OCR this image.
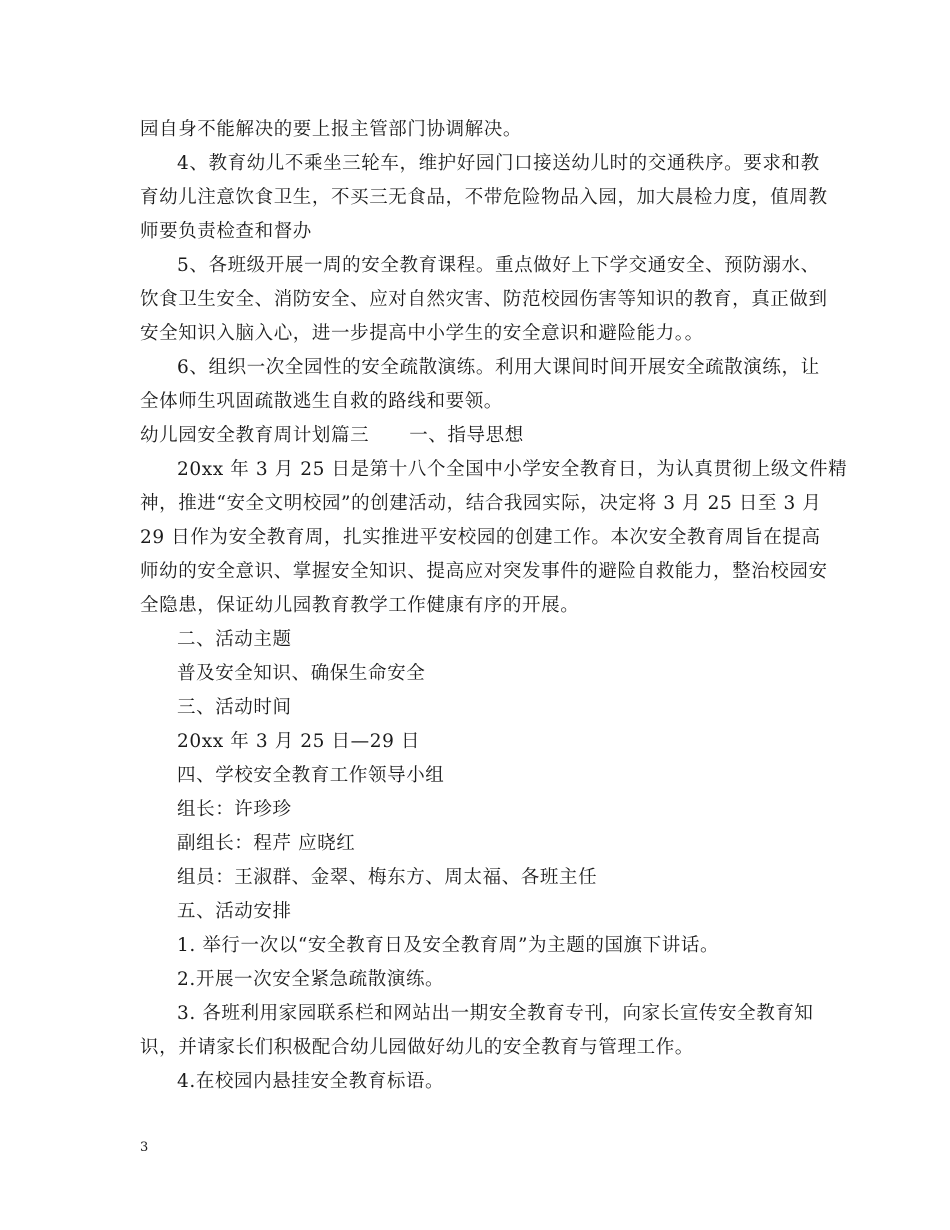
园自身不能解决的要上报主管部门协调解决。
4、教育幼儿不乘坐三轮车，维护好园门口接送幼儿时的交通秩序。要求和教
育幼儿注意饮食卫生，不买三无食品，不带危险物品入园，加大晨检力度，值周教
师要负责检查和督办
5、各班级开展一周的安全教育课程。重点做好上下学交通安全、预防溺水、
饮食卫生安全、消防安全、应对自然灾害、防范校园伤害等知识的教育，真正做到
安全知识入脑入心，进一步提高中小学生的安全意识和避险能力。。
6、组织一次全园性的安全疏散演练。利用大课间时间开展安全疏散演练，让
全体师生巩固疏散逃生自救的路线和要领。
幼儿园安全教育周计划篇三 一、指导思想
20xx 年 3 月 25 日是第十八个全国中小学安全教育日，为认真贯彻上级文件精
神，推进“安全文明校园”的创建活动，结合我园实际，决定将 3 月 25 日至 3 月
29 日作为安全教育周，扎实推进平安校园的创建工作。本次安全教育周旨在提高
师幼的安全意识、掌握安全知识、提高应对突发事件的避险自救能力，整治校园安
全隐患，保证幼儿园教育教学工作健康有序的开展。
二、活动主题
普及安全知识、确保生命安全
三、活动时间
20xx 年 3 月 25 日—29 日
四、学校安全教育工作领导小组
组长：许珍珍
副组长：程芹 应晓红
组员：王淑群、金翠、梅东方、周太福、各班主任
五、活动安排
1. 举行一次以“安全教育日及安全教育周”为主题的国旗下讲话。
2.开展一次安全紧急疏散演练。
3. 各班利用家园联系栏和网站出一期安全教育专刊，向家长宣传安全教育知
识，并请家长们积极配合幼儿园做好幼儿的安全教育与管理工作。
4.在校园内悬挂安全教育标语。
3
